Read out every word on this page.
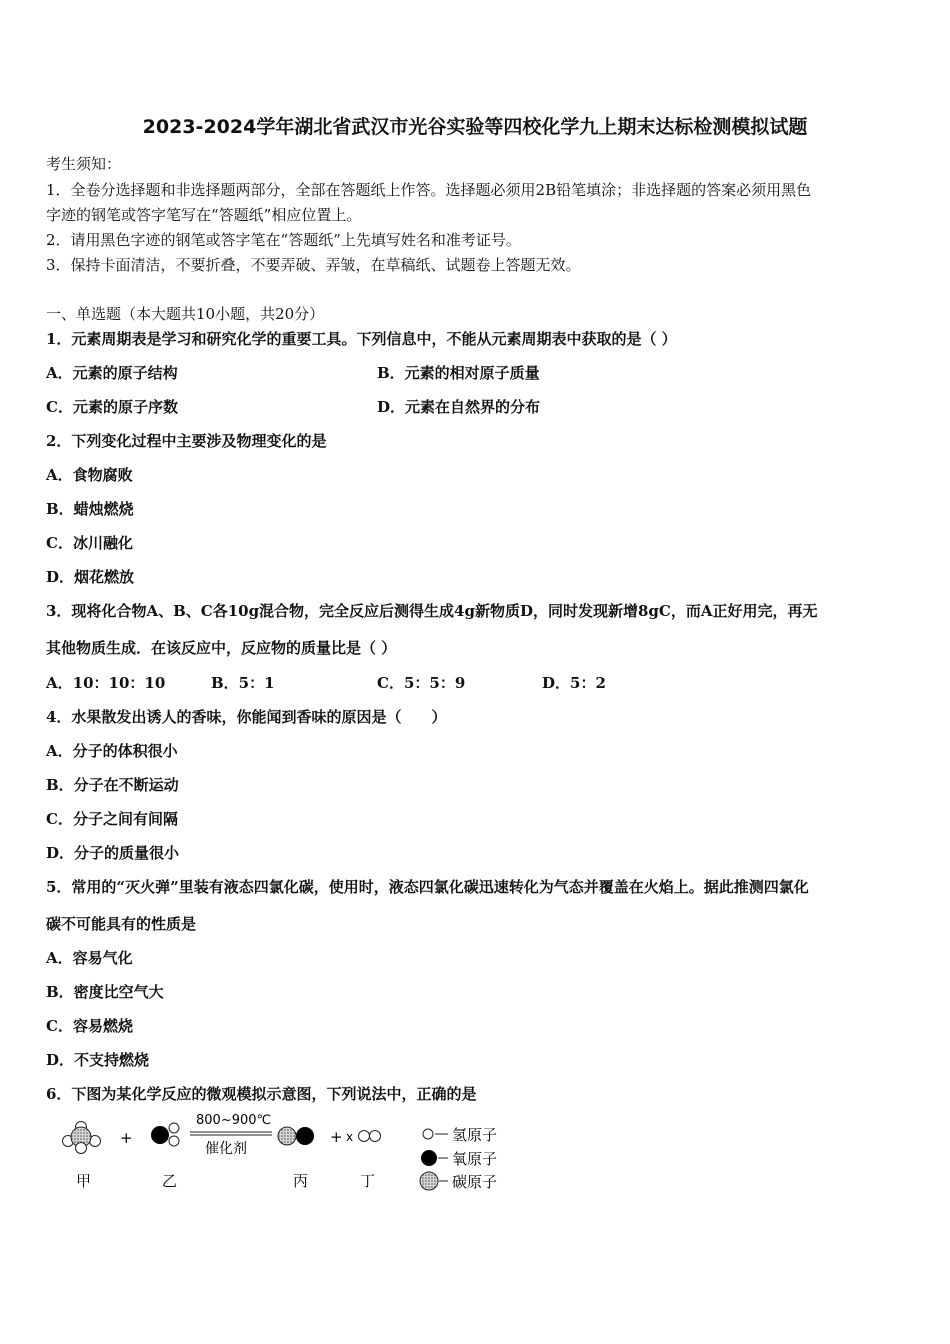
2023-2024学年湖北省武汉市光谷实验等四校化学九上期末达标检测模拟试题
考生须知：
1．全卷分选择题和非选择题两部分，全部在答题纸上作答。选择题必须用2B铅笔填涂；非选择题的答案必须用黑色
字迹的钢笔或答字笔写在“答题纸”相应位置上。
2．请用黑色字迹的钢笔或答字笔在“答题纸”上先填写姓名和准考证号。
3．保持卡面清洁，不要折叠，不要弄破、弄皱，在草稿纸、试题卷上答题无效。
一、单选题（本大题共10小题，共20分）
1．元素周期表是学习和研究化学的重要工具。下列信息中，不能从元素周期表中获取的是（ ）
A．元素的原子结构	B．元素的相对原子质量
C．元素的原子序数	D．元素在自然界的分布
2．下列变化过程中主要涉及物理变化的是
A．食物腐败
B．蜡烛燃烧
C．冰川融化
D．烟花燃放
3．现将化合物A、B、C各10g混合物，完全反应后测得生成4g新物质D，同时发现新增8gC，而A正好用完，再无
其他物质生成．在该反应中，反应物的质量比是（ ）
A．10：10：10	B．5：1	C．5：5：9	D．5：2
4．水果散发出诱人的香味，你能闻到香味的原因是（　　）
A．分子的体积很小
B．分子在不断运动
C．分子之间有间隔
D．分子的质量很小
5．常用的“灭火弹”里装有液态四氯化碳，使用时，液态四氯化碳迅速转化为气态并覆盖在火焰上。据此推测四氯化
碳不可能具有的性质是
A．容易气化
B．密度比空气大
C．容易燃烧
D．不支持燃烧
6．下图为某化学反应的微观模拟示意图，下列说法中，正确的是
+
800~900℃
催化剂
+ x
甲	乙	丙	丁
氢原子
氧原子
碳原子
